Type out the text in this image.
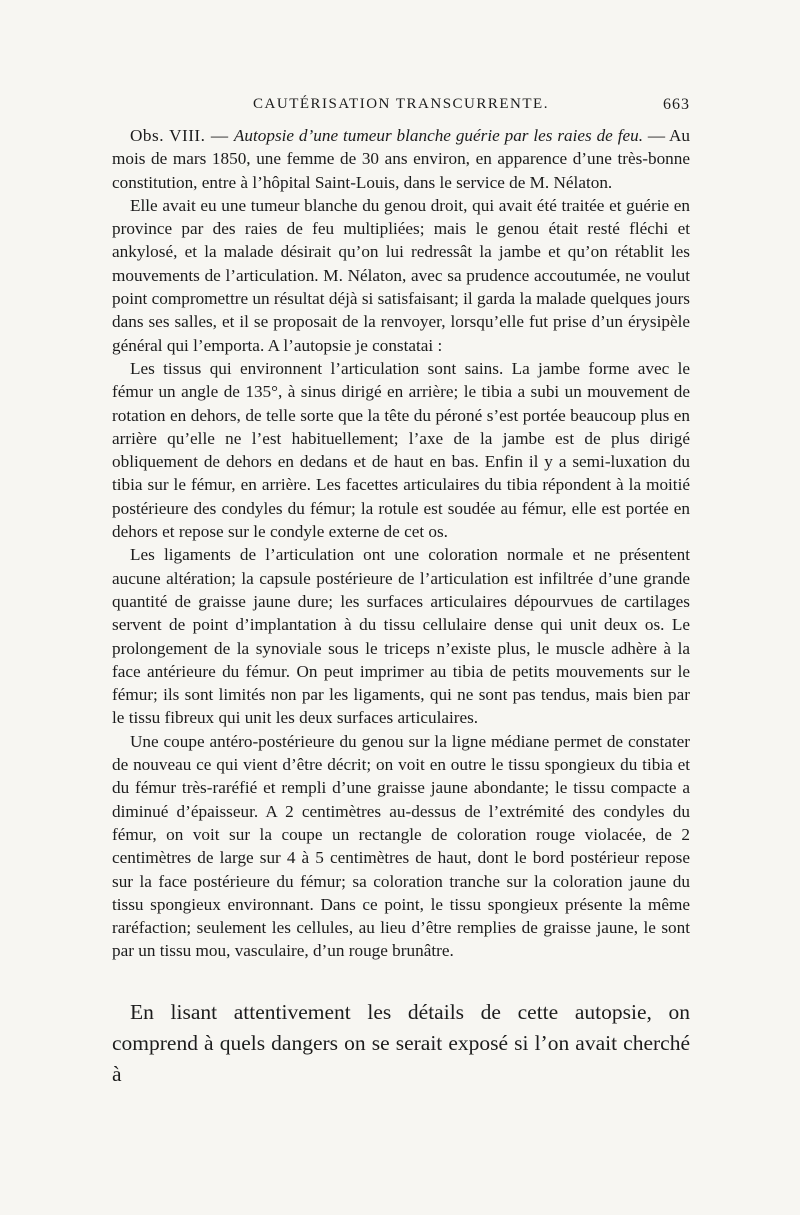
CAUTÉRISATION TRANSCURRENTE.	663

Obs. VIII. — Autopsie d’une tumeur blanche guérie par les raies de feu. — Au mois de mars 1850, une femme de 30 ans environ, en apparence d’une très-bonne constitution, entre à l’hôpital Saint-Louis, dans le service de M. Nélaton.

Elle avait eu une tumeur blanche du genou droit, qui avait été traitée et guérie en province par des raies de feu multipliées; mais le genou était resté fléchi et ankylosé, et la malade désirait qu’on lui redressât la jambe et qu’on rétablit les mouvements de l’articulation. M. Nélaton, avec sa prudence accoutumée, ne voulut point compromettre un résultat déjà si satisfaisant; il garda la malade quelques jours dans ses salles, et il se proposait de la renvoyer, lorsqu’elle fut prise d’un érysipèle général qui l’emporta. A l’autopsie je constatai :

Les tissus qui environnent l’articulation sont sains. La jambe forme avec le fémur un angle de 135°, à sinus dirigé en arrière; le tibia a subi un mouvement de rotation en dehors, de telle sorte que la tête du péroné s’est portée beaucoup plus en arrière qu’elle ne l’est habituellement; l’axe de la jambe est de plus dirigé obliquement de dehors en dedans et de haut en bas. Enfin il y a semi-luxation du tibia sur le fémur, en arrière. Les facettes articulaires du tibia répondent à la moitié postérieure des condyles du fémur; la rotule est soudée au fémur, elle est portée en dehors et repose sur le condyle externe de cet os.

Les ligaments de l’articulation ont une coloration normale et ne présentent aucune altération; la capsule postérieure de l’articulation est infiltrée d’une grande quantité de graisse jaune dure; les surfaces articulaires dépourvues de cartilages servent de point d’implantation à du tissu cellulaire dense qui unit deux os. Le prolongement de la synoviale sous le triceps n’existe plus, le muscle adhère à la face antérieure du fémur. On peut imprimer au tibia de petits mouvements sur le fémur; ils sont limités non par les ligaments, qui ne sont pas tendus, mais bien par le tissu fibreux qui unit les deux surfaces articulaires.

Une coupe antéro-postérieure du genou sur la ligne médiane permet de constater de nouveau ce qui vient d’être décrit; on voit en outre le tissu spongieux du tibia et du fémur très-raréfié et rempli d’une graisse jaune abondante; le tissu compacte a diminué d’épaisseur. A 2 centimètres au-dessus de l’extrémité des condyles du fémur, on voit sur la coupe un rectangle de coloration rouge violacée, de 2 centimètres de large sur 4 à 5 centimètres de haut, dont le bord postérieur repose sur la face postérieure du fémur; sa coloration tranche sur la coloration jaune du tissu spongieux environnant. Dans ce point, le tissu spongieux présente la même raréfaction; seulement les cellules, au lieu d’être remplies de graisse jaune, le sont par un tissu mou, vasculaire, d’un rouge brunâtre.

En lisant attentivement les détails de cette autopsie, on comprend à quels dangers on se serait exposé si l’on avait cherché à
